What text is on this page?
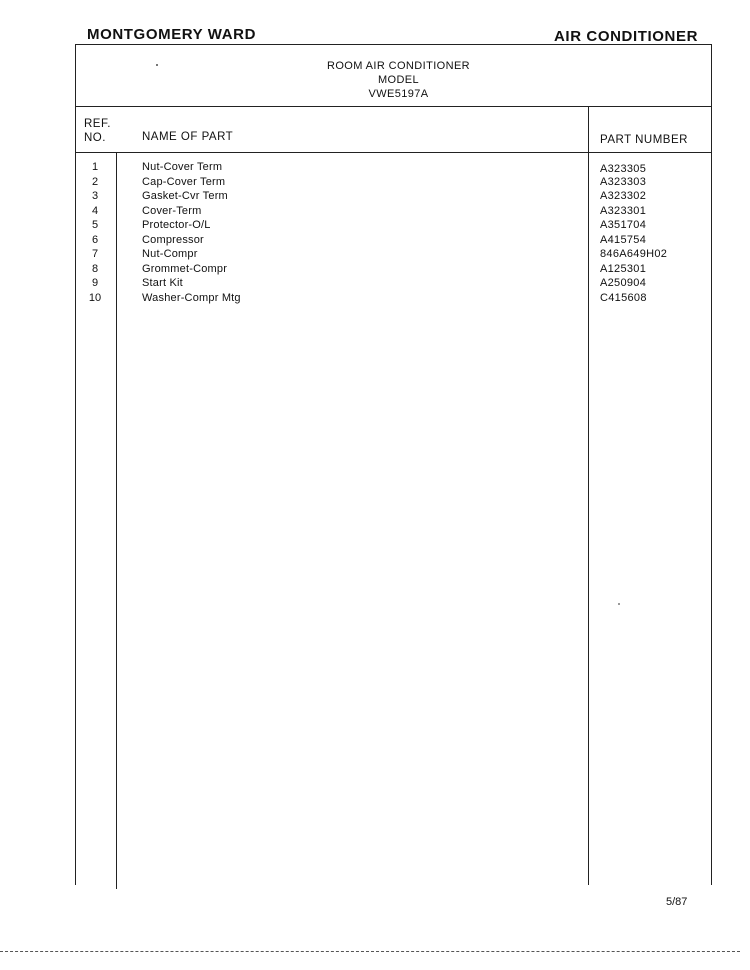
MONTGOMERY WARD	AIR CONDITIONER
ROOM AIR CONDITIONER
MODEL
VWE5197A
REF.
NO.	NAME OF PART	PART NUMBER
1	Nut-Cover Term	A323305
2	Cap-Cover Term	A323303
3	Gasket-Cvr Term	A323302
4	Cover-Term	A323301
5	Protector-O/L	A351704
6	Compressor	A415754
7	Nut-Compr	846A649H02
8	Grommet-Compr	A125301
9	Start Kit	A250904
10	Washer-Compr Mtg	C415608
5/87
